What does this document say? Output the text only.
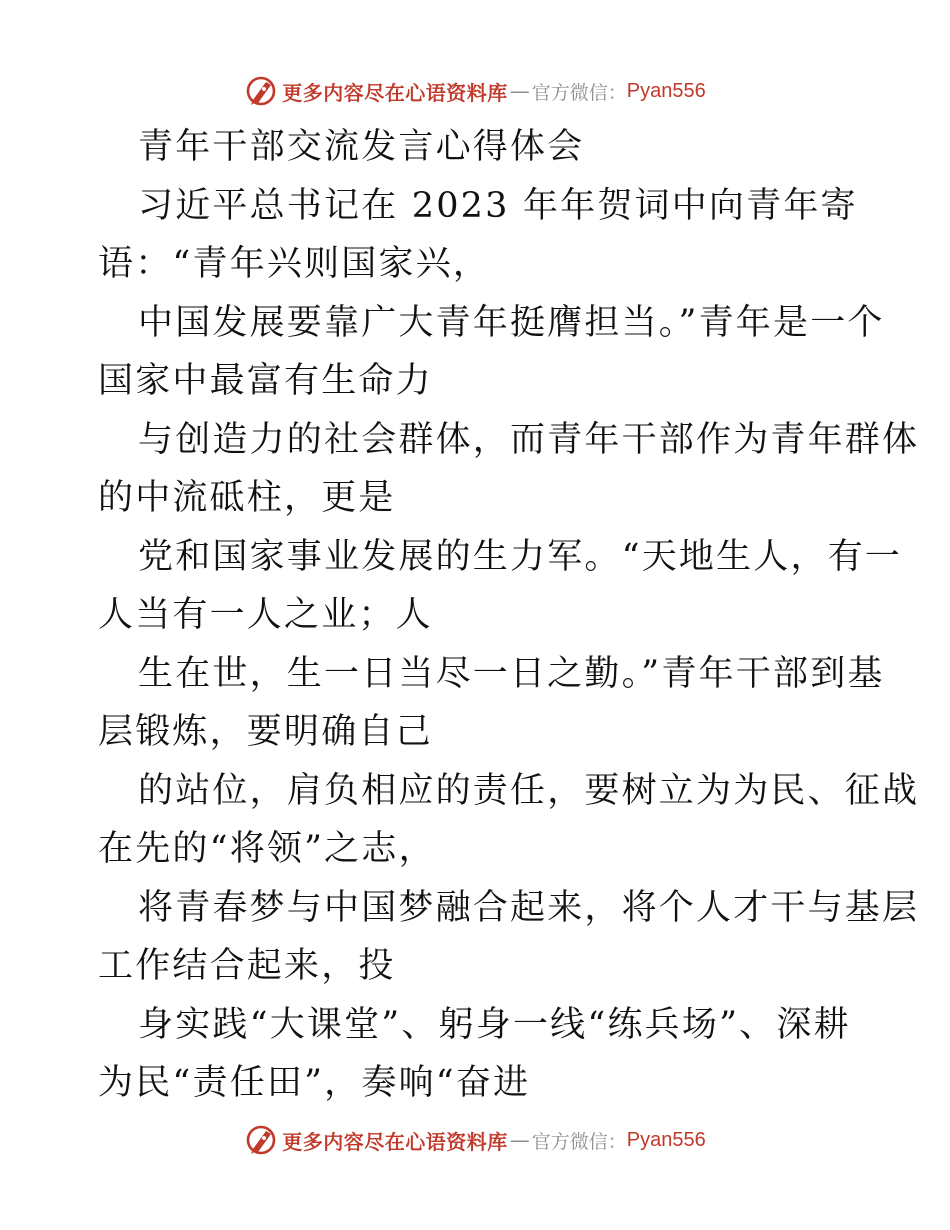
更多内容尽在心语资料库 — 官方微信： Pyan556
青年干部交流发言心得体会
习近平总书记在 2023 年年贺词中向青年寄
语：“青年兴则国家兴，
中国发展要靠广大青年挺膺担当。”青年是一个
国家中最富有生命力
与创造力的社会群体，而青年干部作为青年群体
的中流砥柱，更是
党和国家事业发展的生力军。“天地生人，有一
人当有一人之业；人
生在世，生一日当尽一日之勤。”青年干部到基
层锻炼，要明确自己
的站位，肩负相应的责任，要树立为为民、征战
在先的“将领”之志，
将青春梦与中国梦融合起来，将个人才干与基层
工作结合起来，投
身实践“大课堂”、躬身一线“练兵场”、深耕
为民“责任田”，奏响“奋进
更多内容尽在心语资料库 — 官方微信： Pyan556
